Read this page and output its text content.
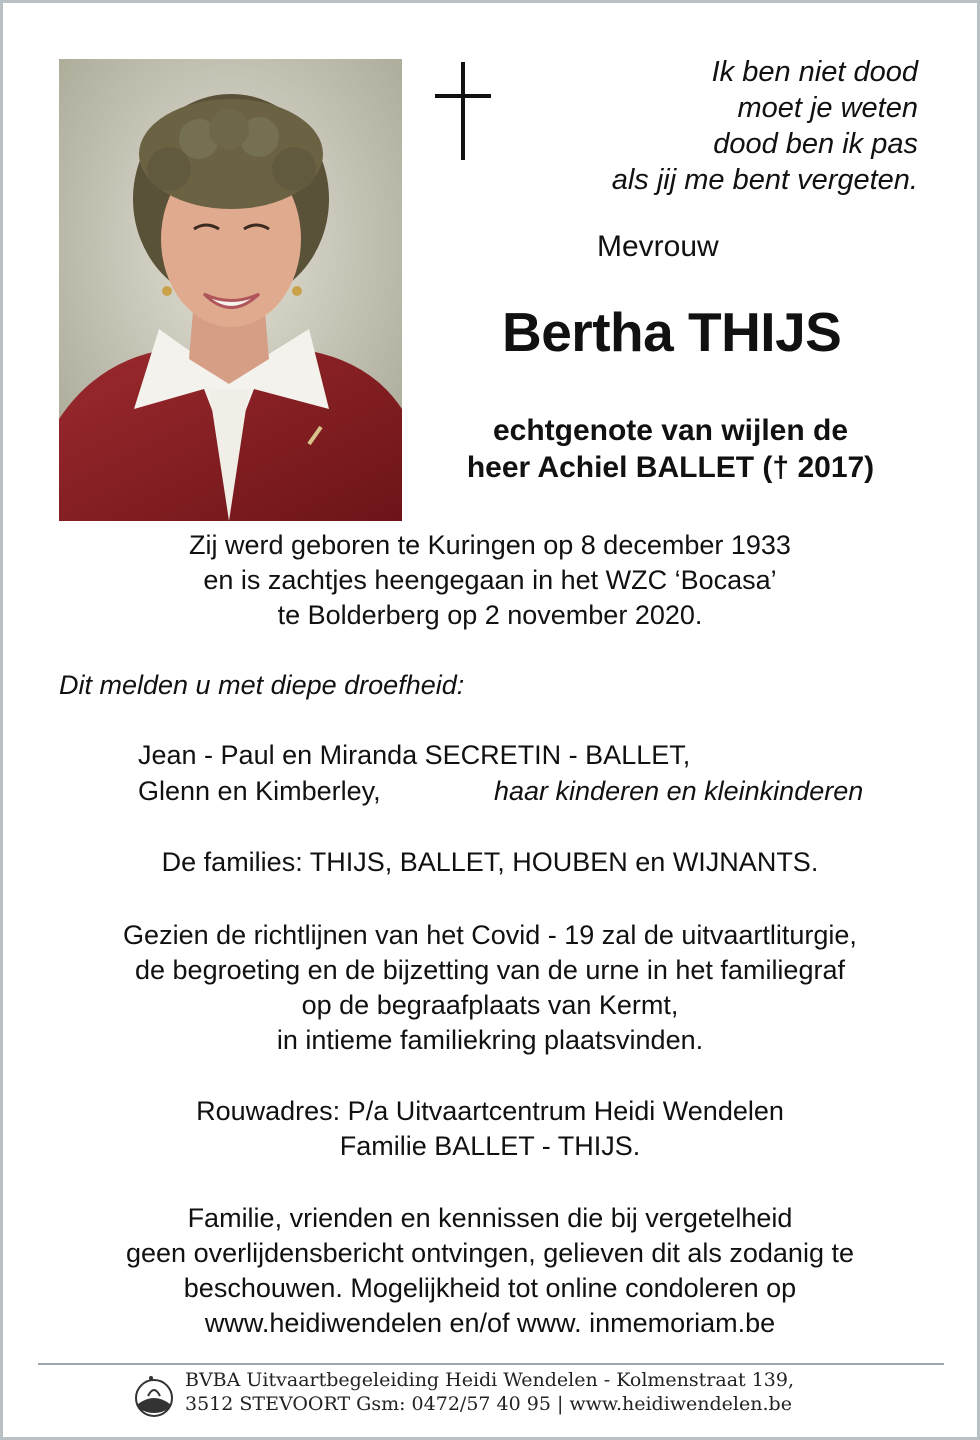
Ik ben niet dood
moet je weten
dood ben ik pas
als jij me bent vergeten.
Mevrouw
Bertha THIJS
echtgenote van wijlen de
heer Achiel BALLET († 2017)
Zij werd geboren te Kuringen op 8 december 1933
en is zachtjes heengegaan in het WZC ‘Bocasa’
te Bolderberg op 2 november 2020.
Dit melden u met diepe droefheid:
Jean - Paul en Miranda SECRETIN - BALLET,
Glenn en Kimberley,	haar kinderen en kleinkinderen
De families: THIJS, BALLET, HOUBEN en WIJNANTS.
Gezien de richtlijnen van het Covid - 19 zal de uitvaartliturgie,
de begroeting en de bijzetting van de urne in het familiegraf
op de begraafplaats van Kermt,
in intieme familiekring plaatsvinden.
Rouwadres: P/a Uitvaartcentrum Heidi Wendelen
Familie BALLET - THIJS.
Familie, vrienden en kennissen die bij vergetelheid
geen overlijdensbericht ontvingen, gelieven dit als zodanig te
beschouwen. Mogelijkheid tot online condoleren op
www.heidiwendelen en/of www. inmemoriam.be
BVBA Uitvaartbegeleiding Heidi Wendelen - Kolmenstraat 139,
3512 STEVOORT Gsm: 0472/57 40 95 | www.heidiwendelen.be
